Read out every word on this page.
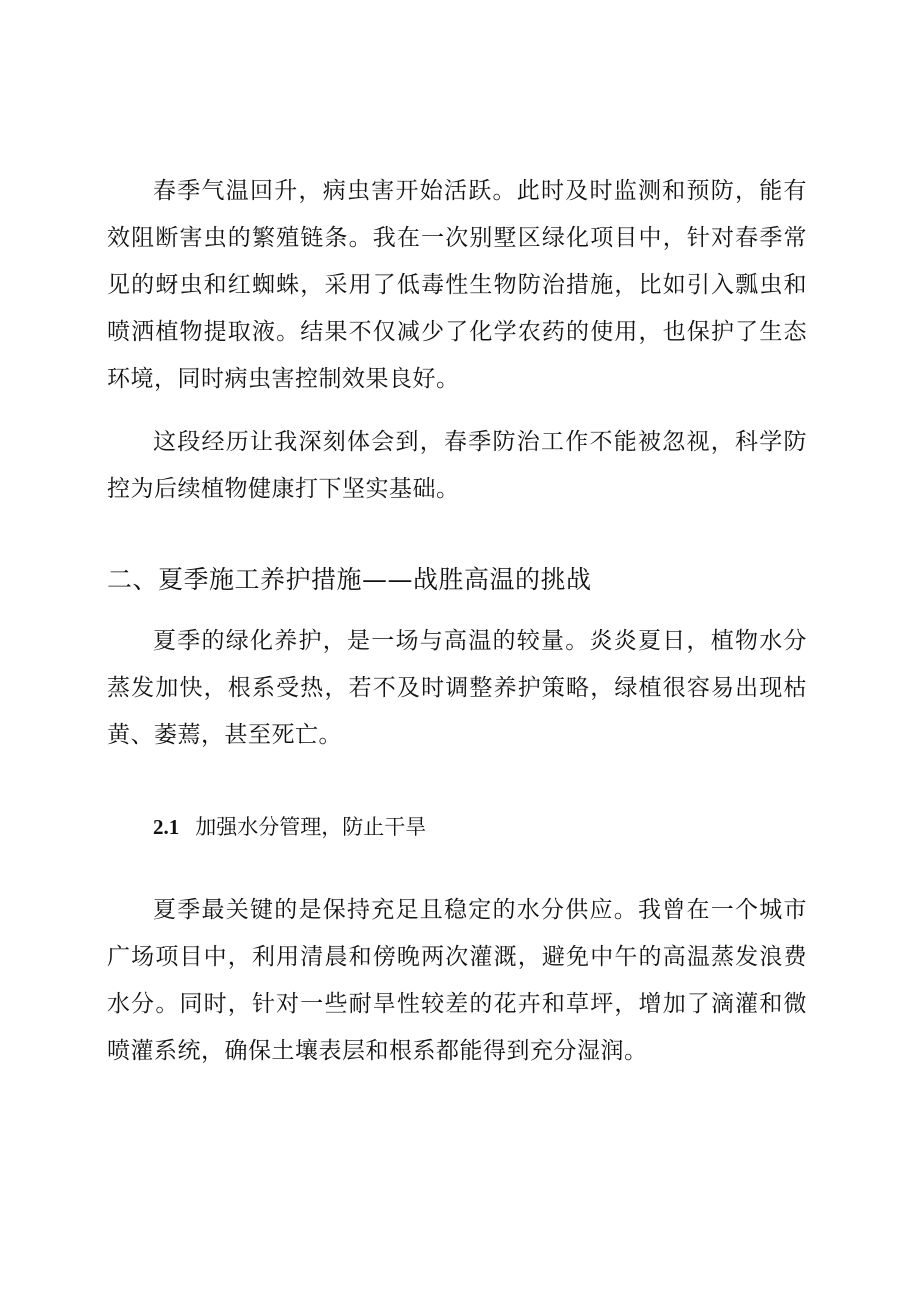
春季气温回升，病虫害开始活跃。此时及时监测和预防，能有效阻断害虫的繁殖链条。我在一次别墅区绿化项目中，针对春季常见的蚜虫和红蜘蛛，采用了低毒性生物防治措施，比如引入瓢虫和喷洒植物提取液。结果不仅减少了化学农药的使用，也保护了生态环境，同时病虫害控制效果良好。

这段经历让我深刻体会到，春季防治工作不能被忽视，科学防控为后续植物健康打下坚实基础。

二、夏季施工养护措施——战胜高温的挑战

夏季的绿化养护，是一场与高温的较量。炎炎夏日，植物水分蒸发加快，根系受热，若不及时调整养护策略，绿植很容易出现枯黄、萎蔫，甚至死亡。

2.1 加强水分管理，防止干旱

夏季最关键的是保持充足且稳定的水分供应。我曾在一个城市广场项目中，利用清晨和傍晚两次灌溉，避免中午的高温蒸发浪费水分。同时，针对一些耐旱性较差的花卉和草坪，增加了滴灌和微喷灌系统，确保土壤表层和根系都能得到充分湿润。
